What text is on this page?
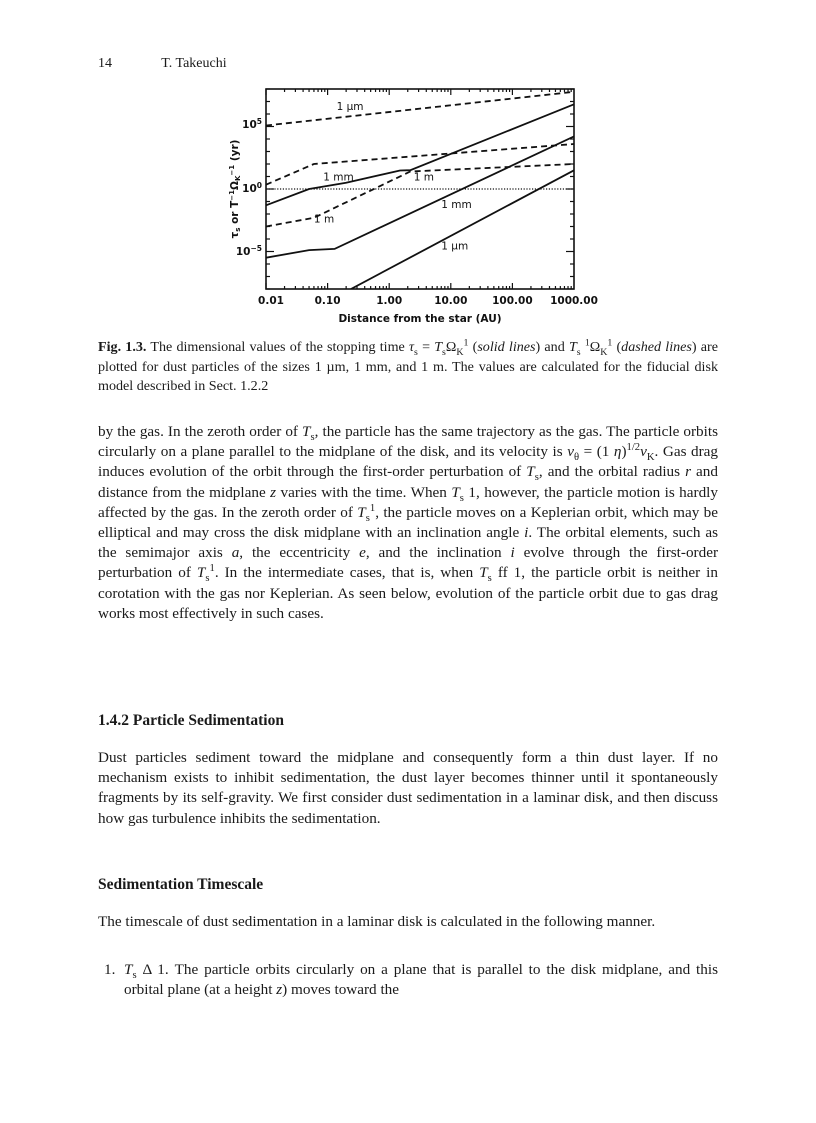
14	T. Takeuchi
0.01	0.10	1.00	10.00 100.00 1000.00
$10^5$
$10^0$
$10^{-5}$
Distance from the star (AU)
τs or $T^{-1}\Omega K^{-1}$ (yr)
1 µm
1 mm	1 m
1 mm
1 µm
1 m
Fig. 1.3. The dimensional values of the stopping time $\tau_s = T_s\Omega_K^1$ (solid lines) and $T_s$ $^1\Omega_K^1$ (dashed lines) are plotted for dust particles of the sizes 1 µm, 1 mm, and 1 m. The values are calculated for the fiducial disk model described in Sect. 1.2.2

by the gas. In the zeroth order of $T_s$, the particle has the same trajectory as the gas. The particle orbits circularly on a plane parallel to the midplane of the disk, and its velocity is $v_\theta = (1$ $\eta)^{1/2}v_K$. Gas drag induces evolution of the orbit through the first-order perturbation of $T_s$, and the orbital radius r and distance from the midplane z varies with the time. When $T_s$ 1, however, the particle motion is hardly affected by the gas. In the zeroth order of $T_s^1$, the particle moves on a Keplerian orbit, which may be elliptical and may cross the disk midplane with an inclination angle i. The orbital elements, such as the semimajor axis a, the eccentricity e, and the inclination i evolve through the first-order perturbation of $T_s^1$. In the intermediate cases, that is, when $T_s$ ff 1, the particle orbit is neither in corotation with the gas nor Keplerian. As seen below, evolution of the particle orbit due to gas drag works most effectively in such cases.

1.4.2 Particle Sedimentation

Dust particles sediment toward the midplane and consequently form a thin dust layer. If no mechanism exists to inhibit sedimentation, the dust layer becomes thinner until it spontaneously fragments by its self-gravity. We first consider dust sedimentation in a laminar disk, and then discuss how gas turbulence inhibits the sedimentation.

Sedimentation Timescale

The timescale of dust sedimentation in a laminar disk is calculated in the following manner.

1. $T_s$ Δ 1. The particle orbits circularly on a plane that is parallel to the disk midplane, and this orbital plane (at a height z) moves toward the
